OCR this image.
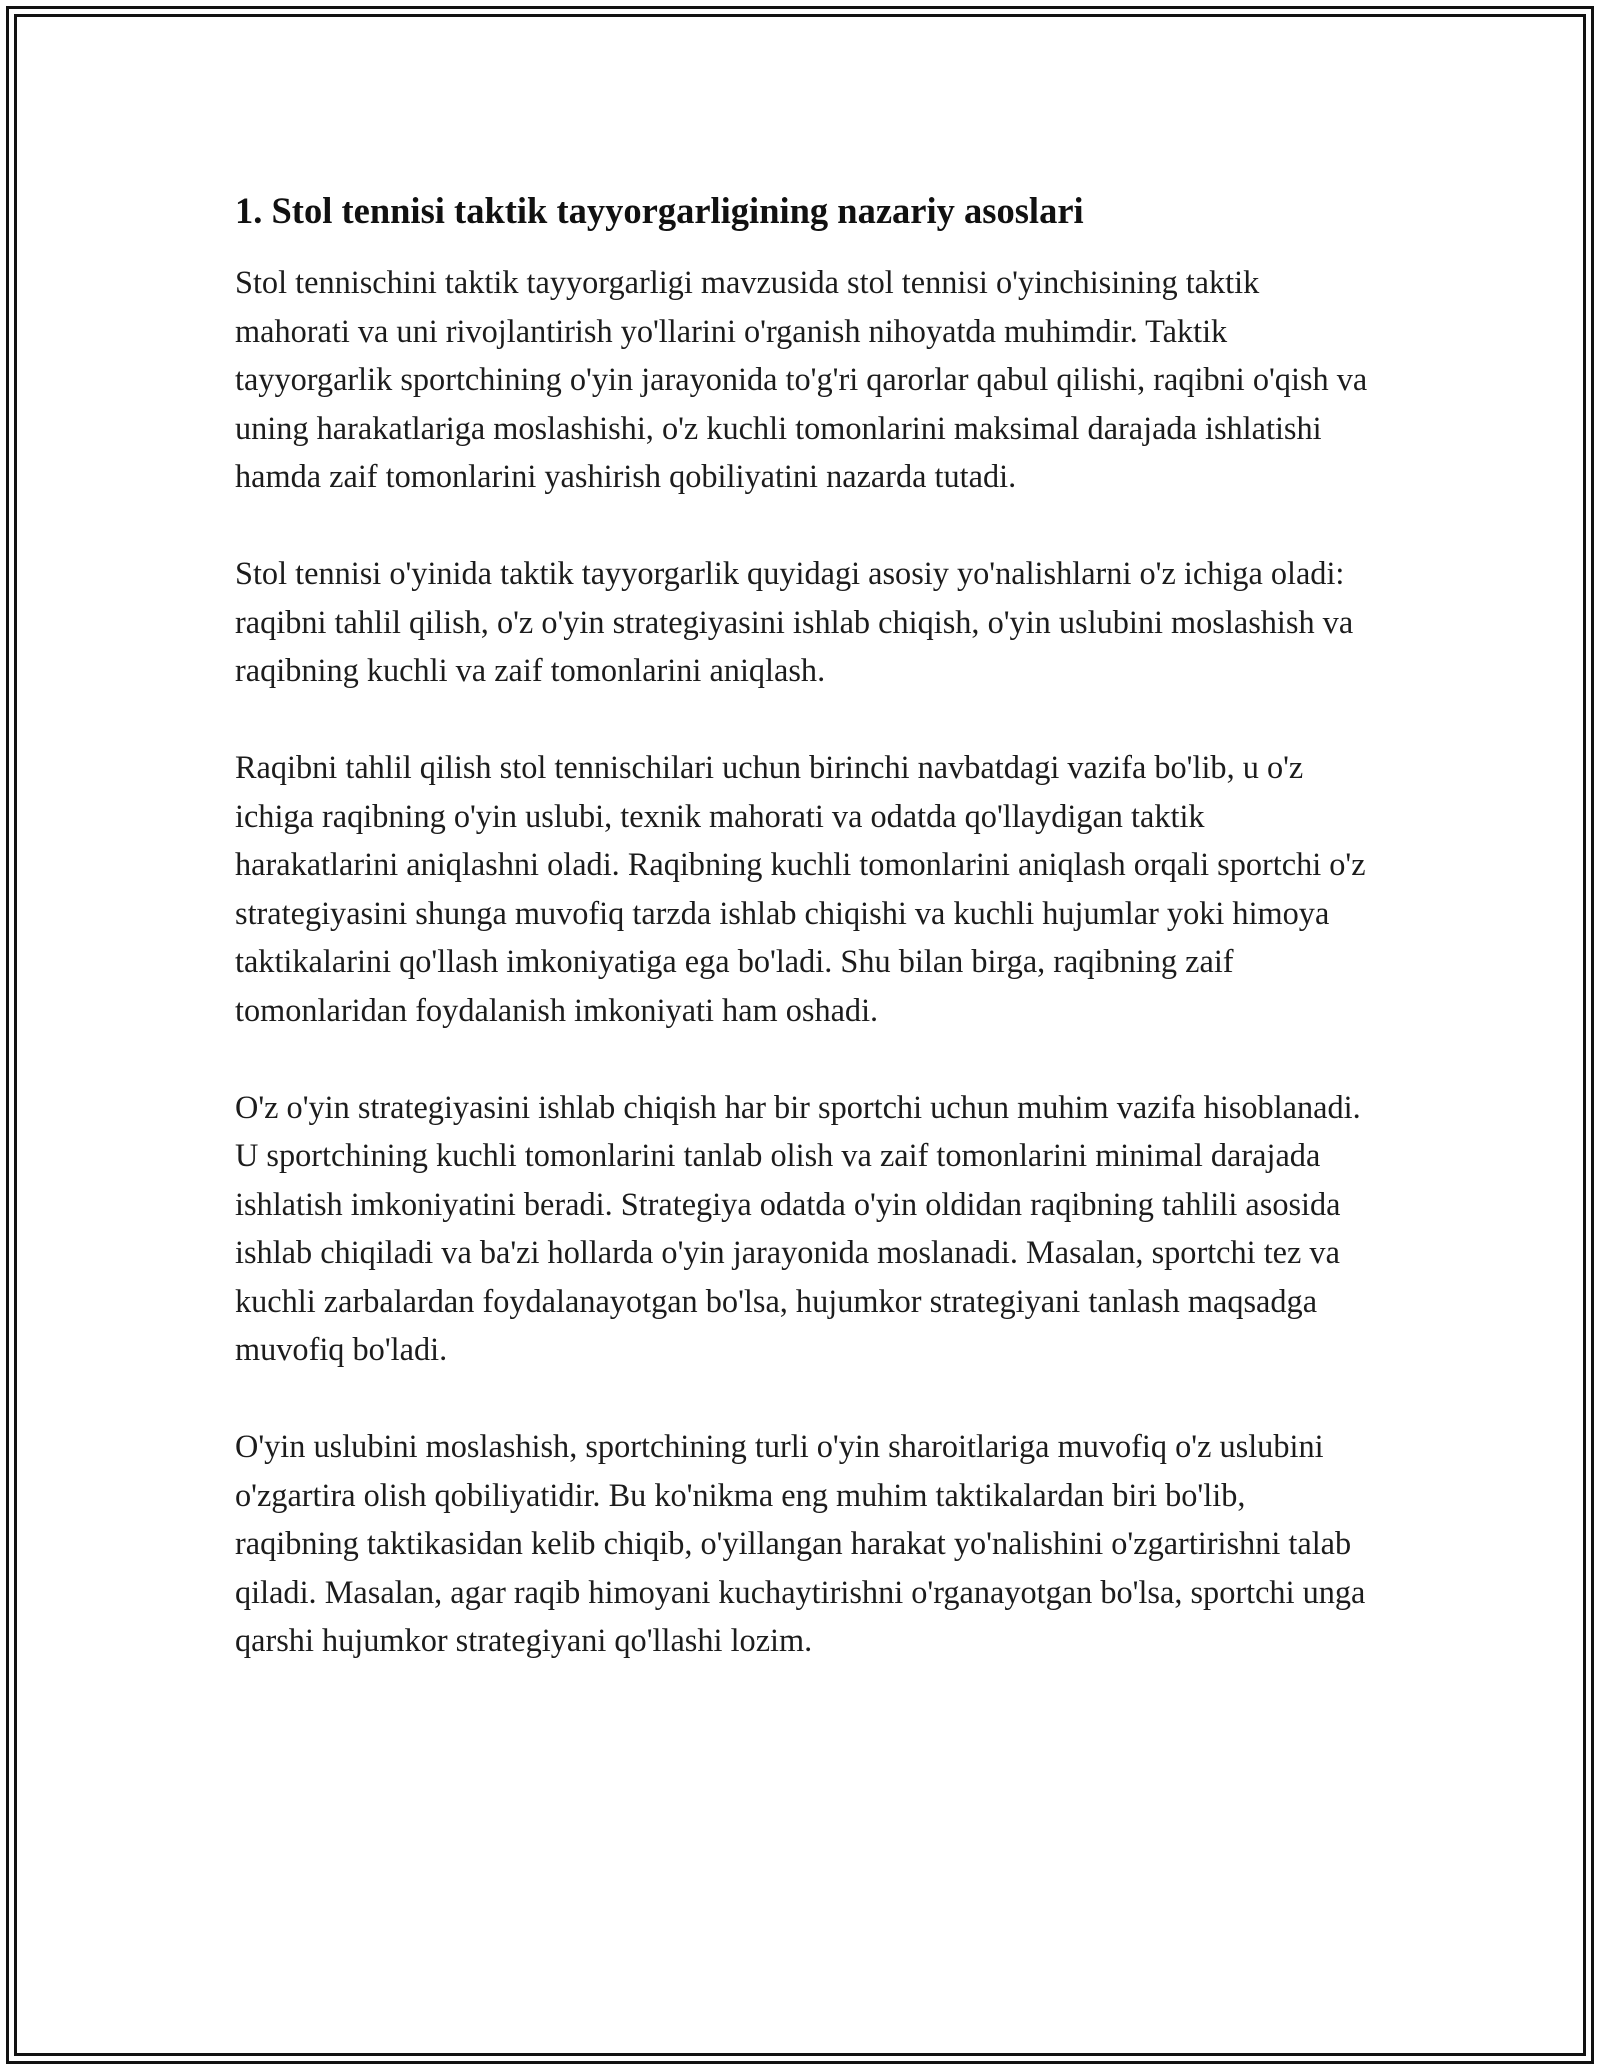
1. Stol tennisi taktik tayyorgarligining nazariy asoslari

Stol tennischini taktik tayyorgarligi mavzusida stol tennisi o'yinchisining taktik mahorati va uni rivojlantirish yo'llarini o'rganish nihoyatda muhimdir. Taktik tayyorgarlik sportchining o'yin jarayonida to'g'ri qarorlar qabul qilishi, raqibni o'qish va uning harakatlariga moslashishi, o'z kuchli tomonlarini maksimal darajada ishlatishi hamda zaif tomonlarini yashirish qobiliyatini nazarda tutadi.

Stol tennisi o'yinida taktik tayyorgarlik quyidagi asosiy yo'nalishlarni o'z ichiga oladi: raqibni tahlil qilish, o'z o'yin strategiyasini ishlab chiqish, o'yin uslubini moslashish va raqibning kuchli va zaif tomonlarini aniqlash.

Raqibni tahlil qilish stol tennischilari uchun birinchi navbatdagi vazifa bo'lib, u o'z ichiga raqibning o'yin uslubi, texnik mahorati va odatda qo'llaydigan taktik harakatlarini aniqlashni oladi. Raqibning kuchli tomonlarini aniqlash orqali sportchi o'z strategiyasini shunga muvofiq tarzda ishlab chiqishi va kuchli hujumlar yoki himoya taktikalarini qo'llash imkoniyatiga ega bo'ladi. Shu bilan birga, raqibning zaif tomonlaridan foydalanish imkoniyati ham oshadi.

O'z o'yin strategiyasini ishlab chiqish har bir sportchi uchun muhim vazifa hisoblanadi. U sportchining kuchli tomonlarini tanlab olish va zaif tomonlarini minimal darajada ishlatish imkoniyatini beradi. Strategiya odatda o'yin oldidan raqibning tahlili asosida ishlab chiqiladi va ba'zi hollarda o'yin jarayonida moslanadi. Masalan, sportchi tez va kuchli zarbalardan foydalanayotgan bo'lsa, hujumkor strategiyani tanlash maqsadga muvofiq bo'ladi.

O'yin uslubini moslashish, sportchining turli o'yin sharoitlariga muvofiq o'z uslubini o'zgartira olish qobiliyatidir. Bu ko'nikma eng muhim taktikalardan biri bo'lib, raqibning taktikasidan kelib chiqib, o'yillangan harakat yo'nalishini o'zgartirishni talab qiladi. Masalan, agar raqib himoyani kuchaytirishni o'rganayotgan bo'lsa, sportchi unga qarshi hujumkor strategiyani qo'llashi lozim.
